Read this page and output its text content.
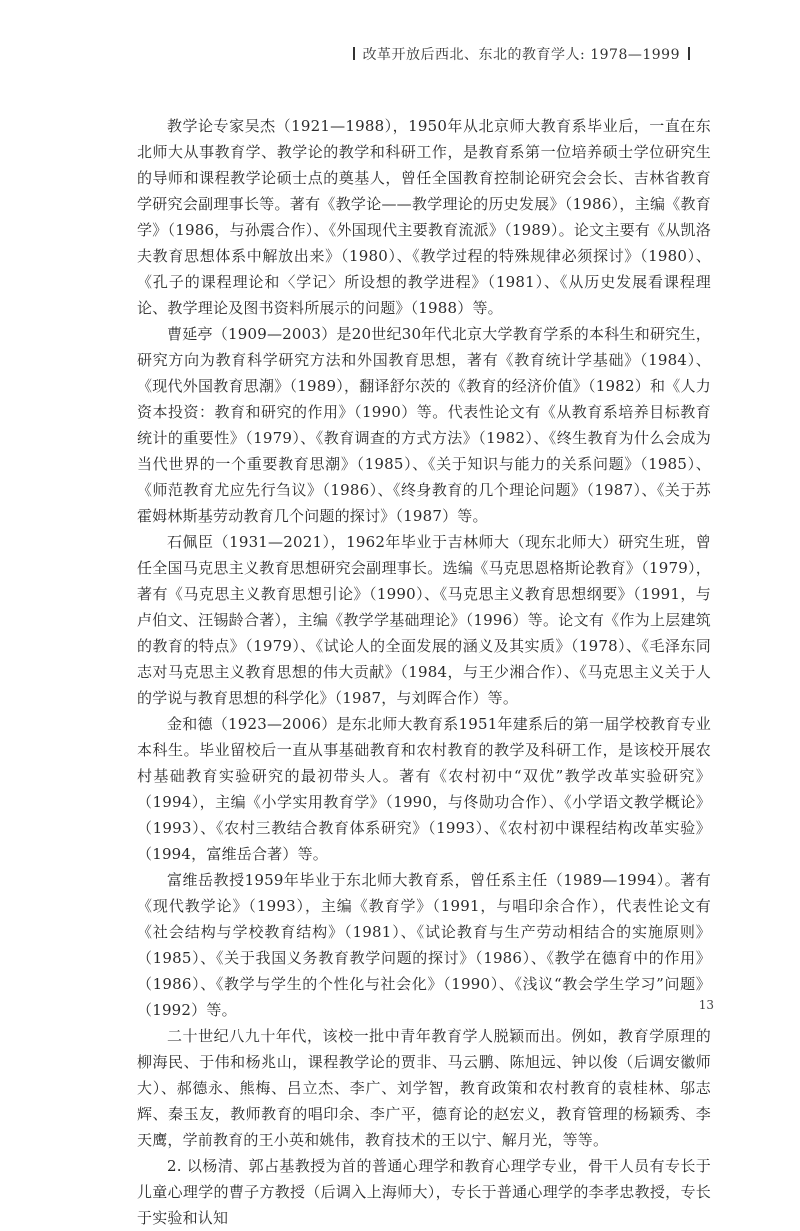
改革开放后西北、东北的教育学人: 1978—1999

教学论专家吴杰（1921—1988），1950年从北京师大教育系毕业后，一直在东北师大从事教育学、教学论的教学和科研工作，是教育系第一位培养硕士学位研究生的导师和课程教学论硕士点的奠基人，曾任全国教育控制论研究会会长、吉林省教育学研究会副理事长等。著有《教学论——教学理论的历史发展》（1986），主编《教育学》（1986，与孙震合作）、《外国现代主要教育流派》（1989）。论文主要有《从凯洛夫教育思想体系中解放出来》（1980）、《教学过程的特殊规律必须探讨》（1980）、《孔子的课程理论和〈学记〉所设想的教学进程》（1981）、《从历史发展看课程理论、教学理论及图书资料所展示的问题》（1988）等。

曹延亭（1909—2003）是20世纪30年代北京大学教育学系的本科生和研究生，研究方向为教育科学研究方法和外国教育思想，著有《教育统计学基础》（1984）、《现代外国教育思潮》（1989），翻译舒尔茨的《教育的经济价值》（1982）和《人力资本投资：教育和研究的作用》（1990）等。代表性论文有《从教育系培养目标教育统计的重要性》（1979）、《教育调查的方式方法》（1982）、《终生教育为什么会成为当代世界的一个重要教育思潮》（1985）、《关于知识与能力的关系问题》（1985）、《师范教育尤应先行刍议》（1986）、《终身教育的几个理论问题》（1987）、《关于苏霍姆林斯基劳动教育几个问题的探讨》（1987）等。

石佩臣（1931—2021），1962年毕业于吉林师大（现东北师大）研究生班，曾任全国马克思主义教育思想研究会副理事长。选编《马克思恩格斯论教育》（1979），著有《马克思主义教育思想引论》（1990）、《马克思主义教育思想纲要》（1991，与卢伯文、汪锡龄合著），主编《教学学基础理论》（1996）等。论文有《作为上层建筑的教育的特点》（1979）、《试论人的全面发展的涵义及其实质》（1978）、《毛泽东同志对马克思主义教育思想的伟大贡献》（1984，与王少湘合作）、《马克思主义关于人的学说与教育思想的科学化》（1987，与刘晖合作）等。

金和德（1923—2006）是东北师大教育系1951年建系后的第一届学校教育专业本科生。毕业留校后一直从事基础教育和农村教育的教学及科研工作，是该校开展农村基础教育实验研究的最初带头人。著有《农村初中“双优”教学改革实验研究》（1994），主编《小学实用教育学》（1990，与佟勋功合作）、《小学语文教学概论》（1993）、《农村三教结合教育体系研究》（1993）、《农村初中课程结构改革实验》（1994，富维岳合著）等。

富维岳教授1959年毕业于东北师大教育系，曾任系主任（1989—1994）。著有《现代教学论》（1993），主编《教育学》（1991，与唱印余合作），代表性论文有《社会结构与学校教育结构》（1981）、《试论教育与生产劳动相结合的实施原则》（1985）、《关于我国义务教育教学问题的探讨》（1986）、《教学在德育中的作用》（1986）、《教学与学生的个性化与社会化》（1990）、《浅议“教会学生学习”问题》（1992）等。

二十世纪八九十年代，该校一批中青年教育学人脱颖而出。例如，教育学原理的柳海民、于伟和杨兆山，课程教学论的贾非、马云鹏、陈旭远、钟以俊（后调安徽师大）、郝德永、熊梅、吕立杰、李广、刘学智，教育政策和农村教育的袁桂林、邬志辉、秦玉友，教师教育的唱印余、李广平，德育论的赵宏义，教育管理的杨颖秀、李天鹰，学前教育的王小英和姚伟，教育技术的王以宁、解月光，等等。

2. 以杨清、郭占基教授为首的普通心理学和教育心理学专业，骨干人员有专长于儿童心理学的曹子方教授（后调入上海师大），专长于普通心理学的李孝忠教授，专长于实验和认知

13
